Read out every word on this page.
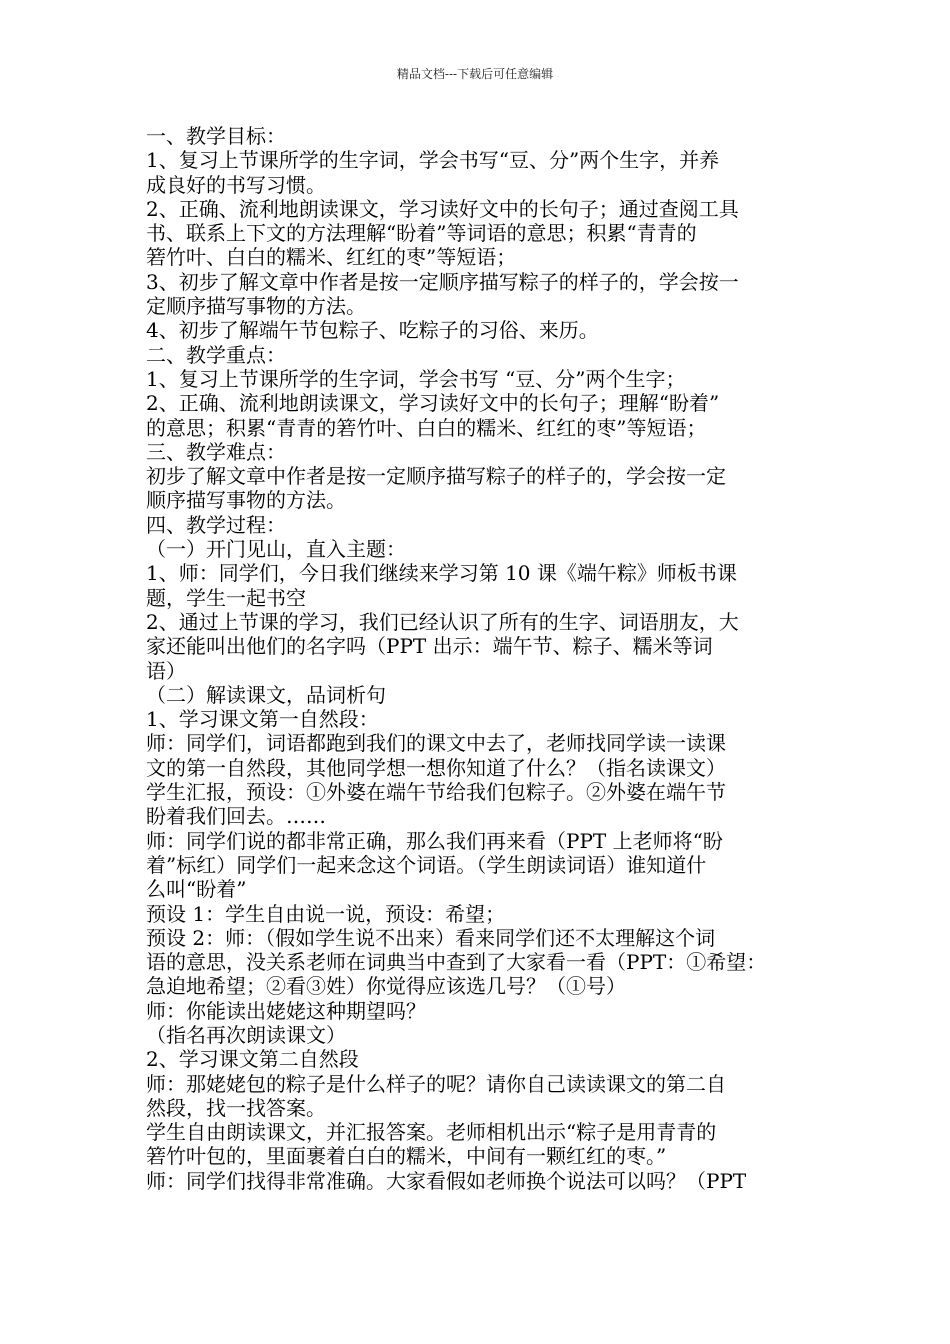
精品文档---下载后可任意编辑

一、教学目标：

1、复习上节课所学的生字词，学会书写“豆、分”两个生字，并养

成良好的书写习惯。

2、正确、流利地朗读课文，学习读好文中的长句子；通过查阅工具

书、联系上下文的方法理解“盼着”等词语的意思；积累“青青的

箬竹叶、白白的糯米、红红的枣”等短语；

3、初步了解文章中作者是按一定顺序描写粽子的样子的，学会按一

定顺序描写事物的方法。

4、初步了解端午节包粽子、吃粽子的习俗、来历。

二、教学重点：

1、复习上节课所学的生字词，学会书写 “豆、分”两个生字；

2、正确、流利地朗读课文，学习读好文中的长句子；理解“盼着”

的意思；积累“青青的箬竹叶、白白的糯米、红红的枣”等短语；

三、教学难点：

初步了解文章中作者是按一定顺序描写粽子的样子的，学会按一定

顺序描写事物的方法。

四、教学过程：

（一）开门见山，直入主题：

1、师：同学们，今日我们继续来学习第 10 课《端午粽》师板书课

题，学生一起书空

2、通过上节课的学习，我们已经认识了所有的生字、词语朋友，大

家还能叫出他们的名字吗（PPT 出示：端午节、粽子、糯米等词

语）

（二）解读课文，品词析句

1、学习课文第一自然段：

师：同学们，词语都跑到我们的课文中去了，老师找同学读一读课

文的第一自然段，其他同学想一想你知道了什么？（指名读课文）

学生汇报，预设：①外婆在端午节给我们包粽子。②外婆在端午节

盼着我们回去。……

师：同学们说的都非常正确，那么我们再来看（PPT 上老师将“盼

着”标红）同学们一起来念这个词语。（学生朗读词语）谁知道什

么叫“盼着”

预设 1：学生自由说一说，预设：希望；

预设 2：师：（假如学生说不出来）看来同学们还不太理解这个词

语的意思，没关系老师在词典当中查到了大家看一看（PPT：①希望：

急迫地希望；②看③姓）你觉得应该选几号？（①号）

师：你能读出姥姥这种期望吗？

（指名再次朗读课文）

2、学习课文第二自然段

师：那姥姥包的粽子是什么样子的呢？请你自己读读课文的第二自

然段，找一找答案。

学生自由朗读课文，并汇报答案。老师相机出示“粽子是用青青的

箬竹叶包的，里面裹着白白的糯米，中间有一颗红红的枣。”

师：同学们找得非常准确。大家看假如老师换个说法可以吗？（PPT
